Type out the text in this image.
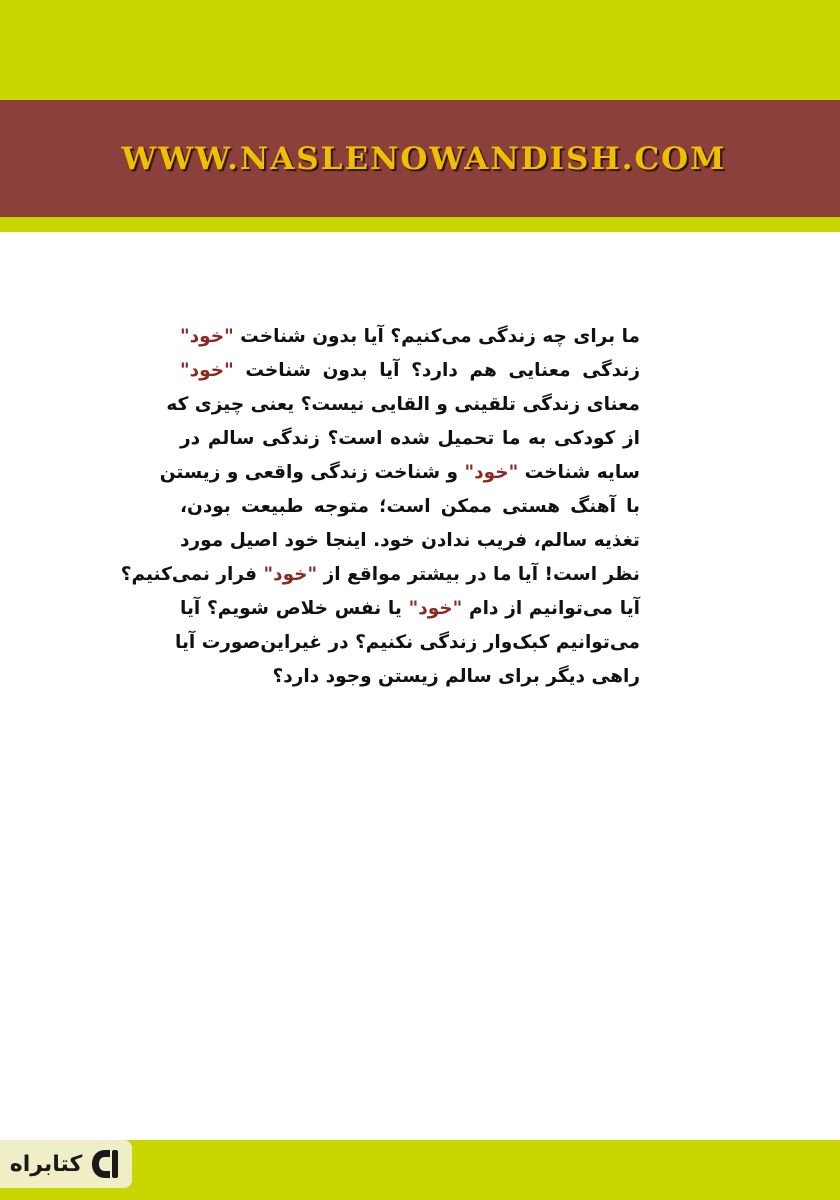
WWW.NASLENOWANDISH.COM
ما برای چه زندگی می‌کنیم؟ آیا بدون شناخت "خود"
زندگی معنایی هم دارد؟ آیا بدون شناخت "خود"
معنای زندگی تلقینی و القایی نیست؟ یعنی چیزی که
از کودکی به ما تحمیل شده است؟ زندگی سالم در
سایه شناخت "خود" و شناخت زندگی واقعی و زیستن
با آهنگ هستی ممکن است؛ متوجه طبیعت بودن،
تغذیه سالم، فریب ندادن خود. اینجا خود اصیل مورد
نظر است! آیا ما در بیشتر مواقع از "خود" فرار نمی‌کنیم؟
آیا می‌توانیم از دام "خود" یا نفس خلاص شویم؟ آیا
می‌توانیم کبک‌وار زندگی نکنیم؟ در غیراین‌صورت آیا
راهی دیگر برای سالم زیستن وجود دارد؟
کتابراه
